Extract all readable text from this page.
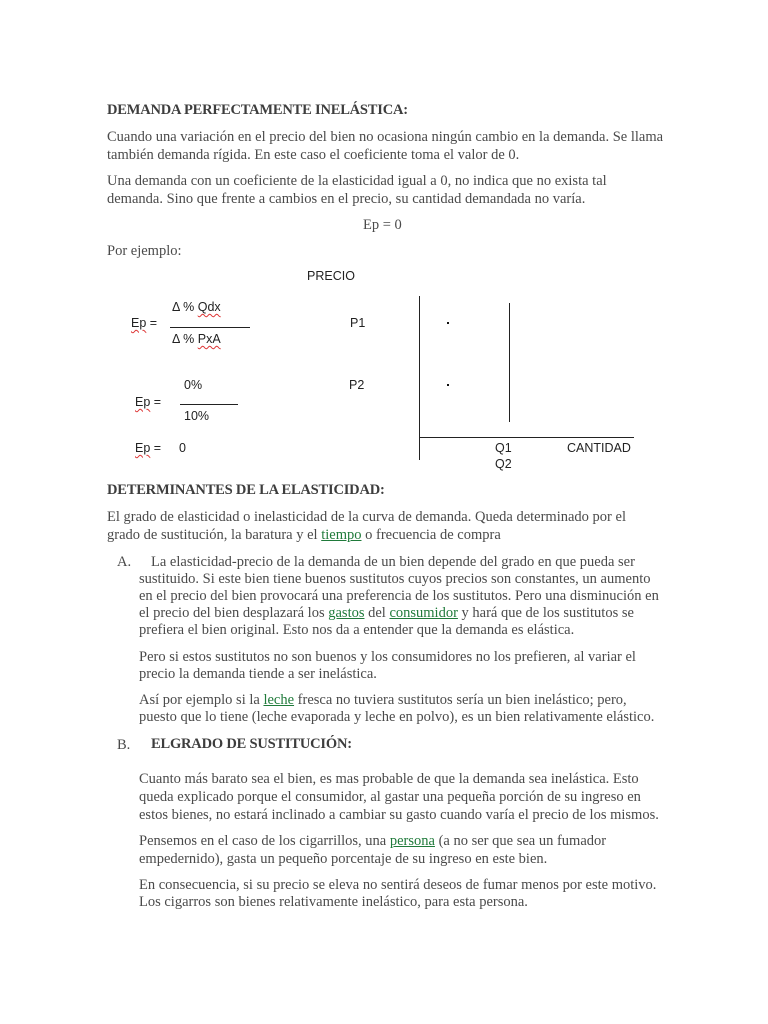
DEMANDA PERFECTAMENTE INELÁSTICA:
Cuando una variación en el precio del bien no ocasiona ningún cambio en la demanda. Se llama
también demanda rígida. En este caso el coeficiente toma el valor de 0.
Una demanda con un coeficiente de la elasticidad igual a 0, no indica que no exista tal
demanda. Sino que frente a cambios en el precio, su cantidad demandada no varía.
Ep = 0
Por ejemplo:
PRECIO
Ep =
Δ % Qdx
Δ % PxA
Ep =
0%
10%
Ep = 0
P1
P2
Q1
Q2
CANTIDAD
DETERMINANTES DE LA ELASTICIDAD:
El grado de elasticidad o inelasticidad de la curva de demanda. Queda determinado por el
grado de sustitución, la baratura y el tiempo o frecuencia de compra
A. La elasticidad-precio de la demanda de un bien depende del grado en que pueda ser
sustituido. Si este bien tiene buenos sustitutos cuyos precios son constantes, un aumento
en el precio del bien provocará una preferencia de los sustitutos. Pero una disminución en
el precio del bien desplazará los gastos del consumidor y hará que de los sustitutos se
prefiera el bien original. Esto nos da a entender que la demanda es elástica.
Pero si estos sustitutos no son buenos y los consumidores no los prefieren, al variar el
precio la demanda tiende a ser inelástica.
Así por ejemplo si la leche fresca no tuviera sustitutos sería un bien inelástico; pero,
puesto que lo tiene (leche evaporada y leche en polvo), es un bien relativamente elástico.
B. ELGRADO DE SUSTITUCIÓN:
Cuanto más barato sea el bien, es mas probable de que la demanda sea inelástica. Esto
queda explicado porque el consumidor, al gastar una pequeña porción de su ingreso en
estos bienes, no estará inclinado a cambiar su gasto cuando varía el precio de los mismos.
Pensemos en el caso de los cigarrillos, una persona (a no ser que sea un fumador
empedernido), gasta un pequeño porcentaje de su ingreso en este bien.
En consecuencia, si su precio se eleva no sentirá deseos de fumar menos por este motivo.
Los cigarros son bienes relativamente inelástico, para esta persona.
